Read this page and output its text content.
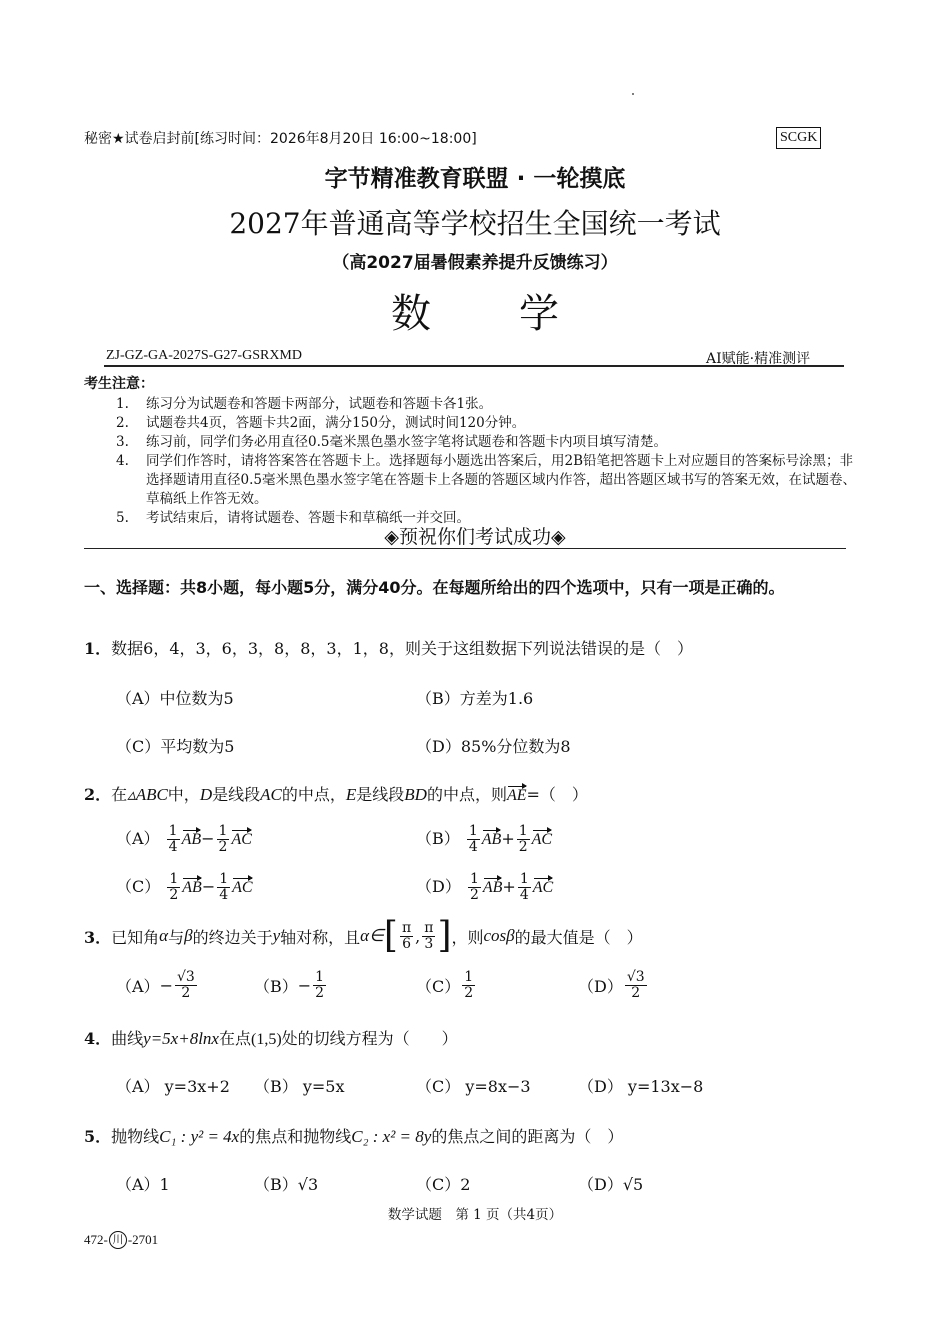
秘密★试卷启封前[练习时间：2026年8月20日 16:00~18:00]	SCGK
字节精准教育联盟 · 一轮摸底
2027年普通高等学校招生全国统一考试
（高2027届暑假素养提升反馈练习）
数学
ZJ-GZ-GA-2027S-G27-GSRXMD	AI赋能·精准测评
考生注意：
1.	练习分为试题卷和答题卡两部分，试题卷和答题卡各1张。
2.	试题卷共4页，答题卡共2面，满分150分，测试时间120分钟。
3.	练习前，同学们务必用直径0.5毫米黑色墨水签字笔将试题卷和答题卡内项目填写清楚。
4.	同学们作答时，请将答案答在答题卡上。选择题每小题选出答案后，用2B铅笔把答题卡上对应题目的答案标号涂黑；非选择题请用直径0.5毫米黑色墨水签字笔在答题卡上各题的答题区域内作答，超出答题区域书写的答案无效，在试题卷、草稿纸上作答无效。
5.	考试结束后，请将试题卷、答题卡和草稿纸一并交回。
◈预祝你们考试成功◈
一、选择题：共8小题，每小题5分，满分40分。在每题所给出的四个选项中，只有一项是正确的。
1．数据6，4，3，6，3，8，8，3，1，8，则关于这组数据下列说法错误的是（　）
（A）中位数为5	（B）方差为1.6
（C）平均数为5	（D）85%分位数为8
2．在▵ABC中，D是线段AC的中点，E是线段BD的中点，则AE=（　）
$(A) \frac{1}{4} AB- \frac{1}{2}$ AC	$(B) \frac{1}{4} AB+ \frac{1}{2}$ AC
$(C) \frac{1}{2} AB- \frac{1}{4}$ AC	$(D) \frac{1}{2} AB+ \frac{1}{4}$ AC
3． 已知角 α 与 β 的终边关于 y 轴对称，且 α∈ [ $\frac{\pi}{6}$ , $\frac{\pi}{3}$ ] ，则 cosβ 的最大值是（　）
$(A) - \frac{√3}{2}$	$(B) - \frac{1}{2}$	$(C) \frac{1}{2}$	$(D) \frac{√3}{2}$
4．曲线y=5x+8lnx在点(1,5)处的切线方程为（　　）
（A） y=3x+2 （B） y=5x	（C） y=8x−3	（D） y=13x−8
5．抛物线C₁ : y² = 4x的焦点和抛物线C₂ : x² = 8y的焦点之间的距离为（　）
（A）1	（B）√3	（C）2	（D）√5
数学试题　第 1 页（共4页）
472- 川 -2701
